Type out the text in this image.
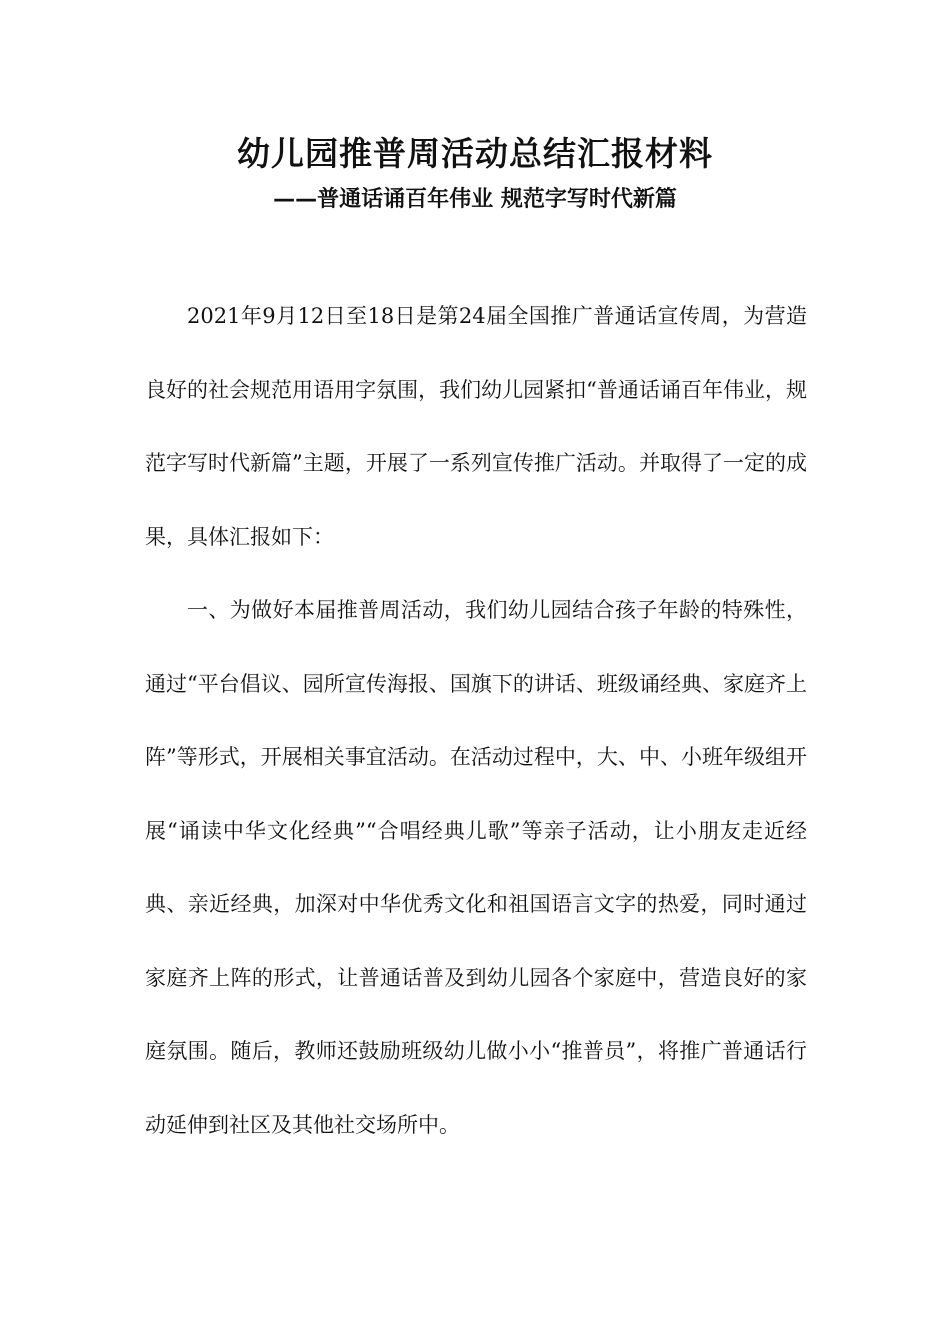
幼儿园推普周活动总结汇报材料
——普通话诵百年伟业 规范字写时代新篇

2021年9月12日至18日是第24届全国推广普通话宣传周，为营造良好的社会规范用语用字氛围，我们幼儿园紧扣“普通话诵百年伟业，规范字写时代新篇”主题，开展了一系列宣传推广活动。并取得了一定的成果，具体汇报如下：

一、为做好本届推普周活动，我们幼儿园结合孩子年龄的特殊性，通过“平台倡议、园所宣传海报、国旗下的讲话、班级诵经典、家庭齐上阵”等形式，开展相关事宜活动。在活动过程中，大、中、小班年级组开展“诵读中华文化经典”“合唱经典儿歌”等亲子活动，让小朋友走近经典、亲近经典，加深对中华优秀文化和祖国语言文字的热爱，同时通过家庭齐上阵的形式，让普通话普及到幼儿园各个家庭中，营造良好的家庭氛围。随后，教师还鼓励班级幼儿做小小“推普员”，将推广普通话行动延伸到社区及其他社交场所中。
